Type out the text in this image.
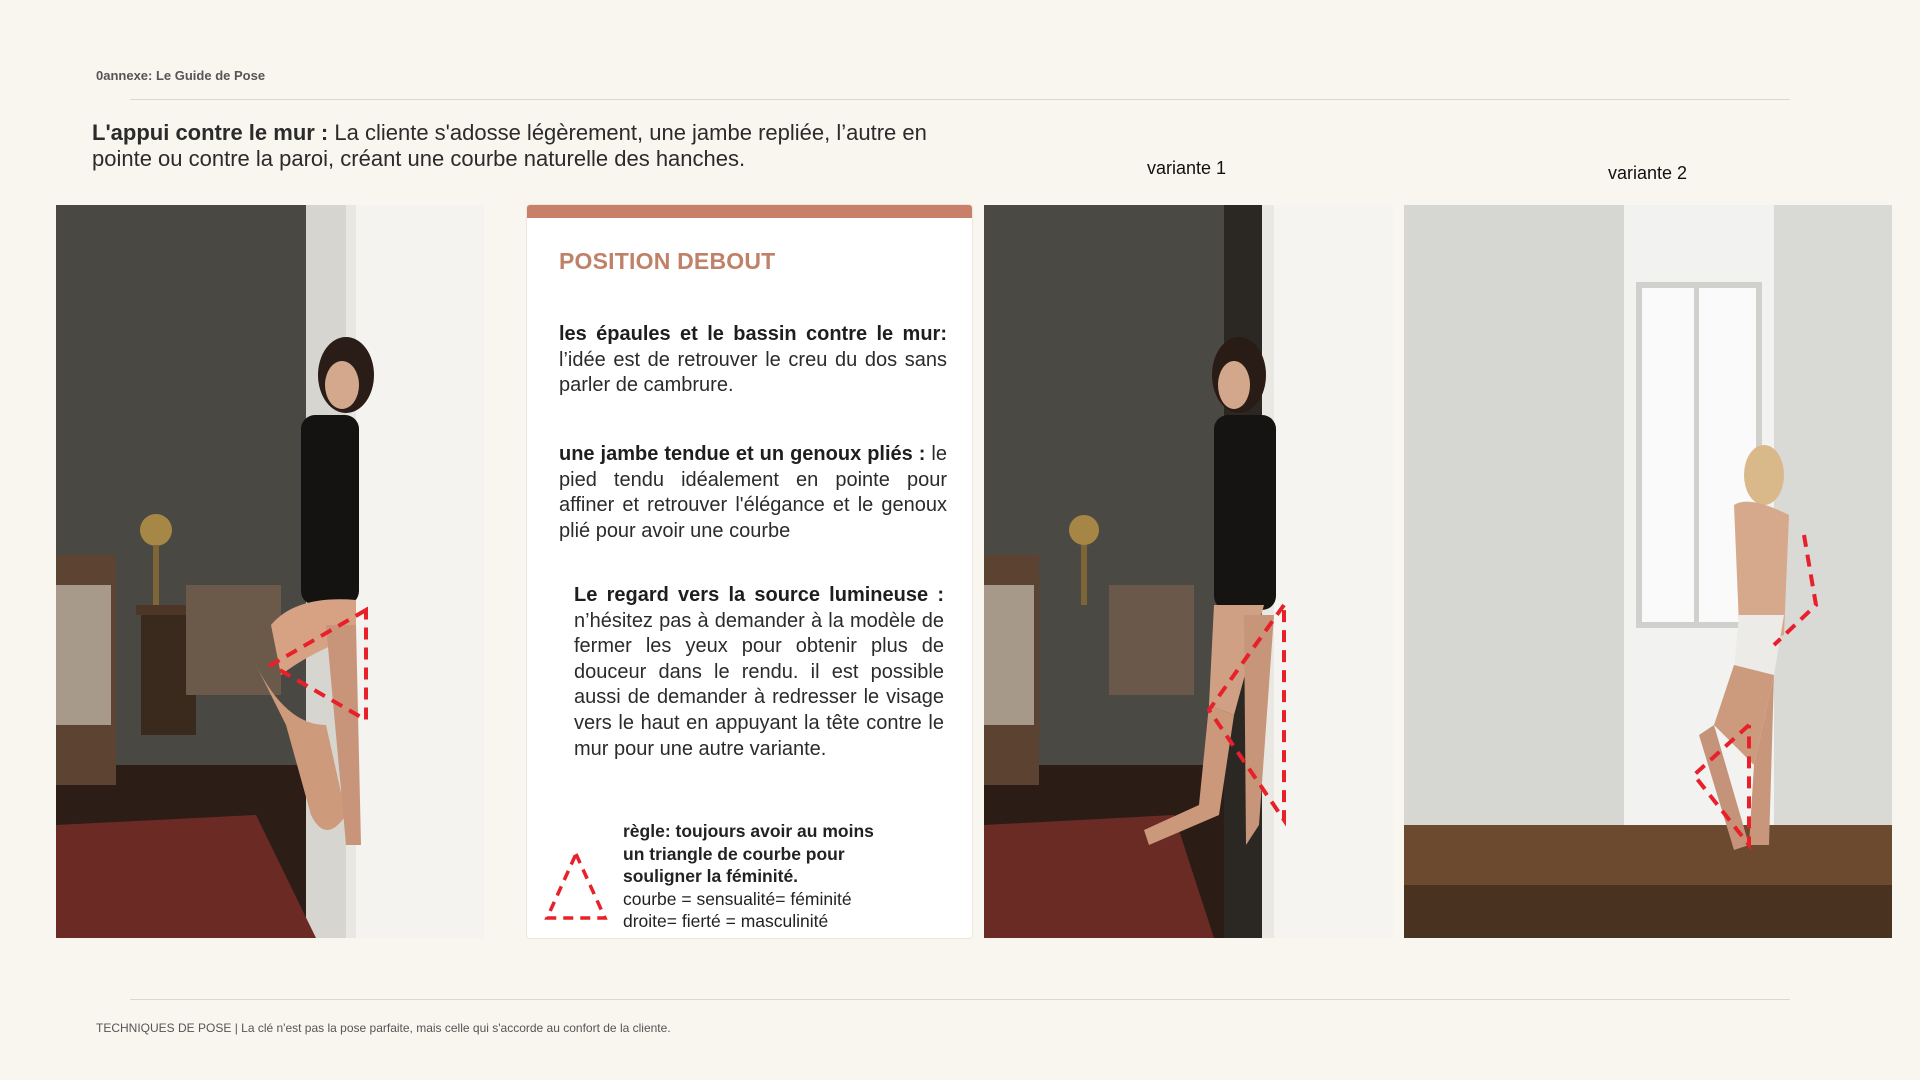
0annexe: Le Guide de Pose

L'appui contre le mur : La cliente s'adosse légèrement, une jambe repliée, l’autre en pointe ou contre la paroi, créant une courbe naturelle des hanches.	variante 1	variante 2
POSITION DEBOUT

les épaules et le bassin contre le mur: l’idée est de retrouver le creu du dos sans parler de cambrure.

une jambe tendue et un genoux pliés : le pied tendu idéalement en pointe pour affiner et retrouver l'élégance et le genoux plié pour avoir une courbe

Le regard vers la source lumineuse : n’hésitez pas à demander à la modèle de fermer les yeux pour obtenir plus de douceur dans le rendu. il est possible aussi de demander à redresser le visage vers le haut en appuyant la tête contre le mur pour une autre variante.

règle: toujours avoir au moins
un triangle de courbe pour
souligner la féminité.
courbe = sensualité= féminité
droite= fierté = masculinité
TECHNIQUES DE POSE | La clé n'est pas la pose parfaite, mais celle qui s'accorde au confort de la cliente.
